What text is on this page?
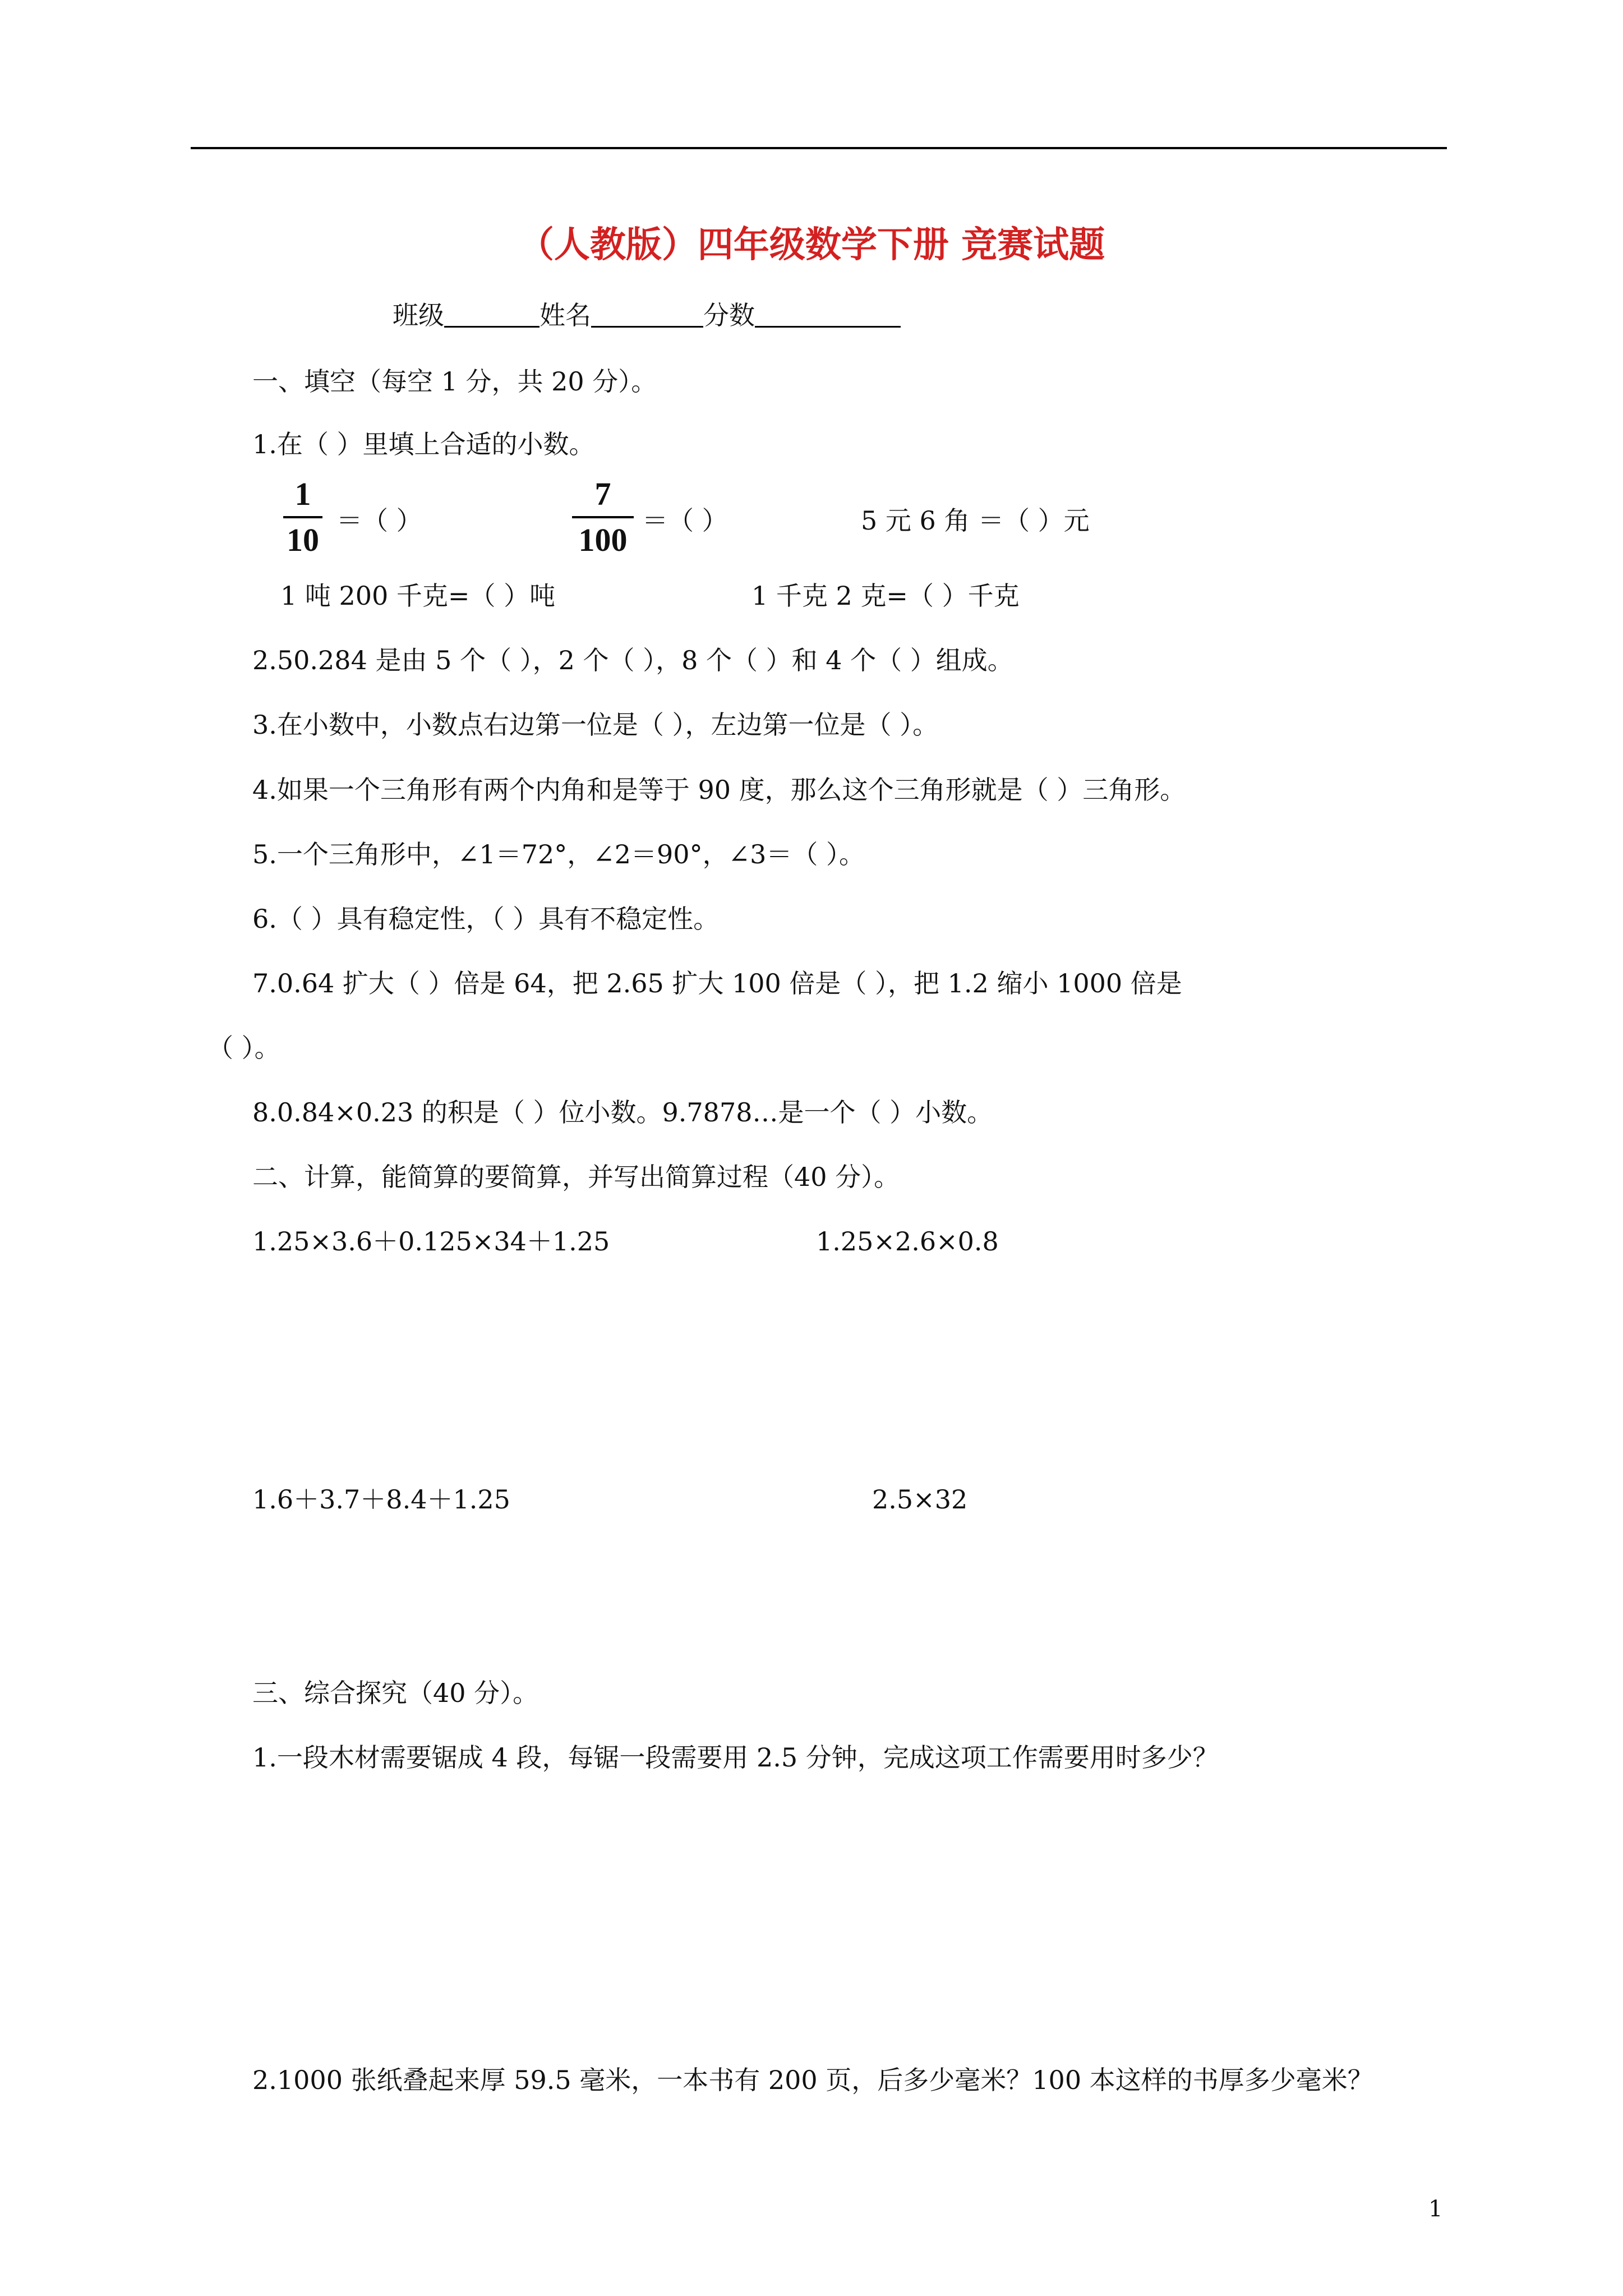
（人教版）四年级数学下册 竞赛试题
班级	姓名	分数
一、填空（每空 1 分，共 20 分）。
1.在（ ）里填上合适的小数。
1
10
＝（ ）
7
100
＝（ ）	5 元 6 角 ＝（ ）元
1 吨 200 千克=（ ）吨	1 千克 2 克=（ ）千克
2.50.284 是由 5 个（ ），2 个（ ），8 个（ ）和 4 个（ ）组成。
3.在小数中，小数点右边第一位是（ ），左边第一位是（ ）。
4.如果一个三角形有两个内角和是等于 90 度，那么这个三角形就是（ ）三角形。
5.一个三角形中，∠1＝72°，∠2＝90°，∠3＝（ ）。
6.（ ）具有稳定性，（ ）具有不稳定性。
7.0.64 扩大（ ）倍是 64，把 2.65 扩大 100 倍是（ ），把 1.2 缩小 1000 倍是
（ ）。
8.0.84×0.23 的积是（ ）位小数。9.7878…是一个（ ）小数。
二、计算，能简算的要简算，并写出简算过程（40 分）。
1.25×3.6＋0.125×34＋1.25	1.25×2.6×0.8
1.6＋3.7＋8.4＋1.25	2.5×32
三、综合探究（40 分）。
1.一段木材需要锯成 4 段，每锯一段需要用 2.5 分钟，完成这项工作需要用时多少？
2.1000 张纸叠起来厚 59.5 毫米，一本书有 200 页，后多少毫米？100 本这样的书厚多少毫米？
1
